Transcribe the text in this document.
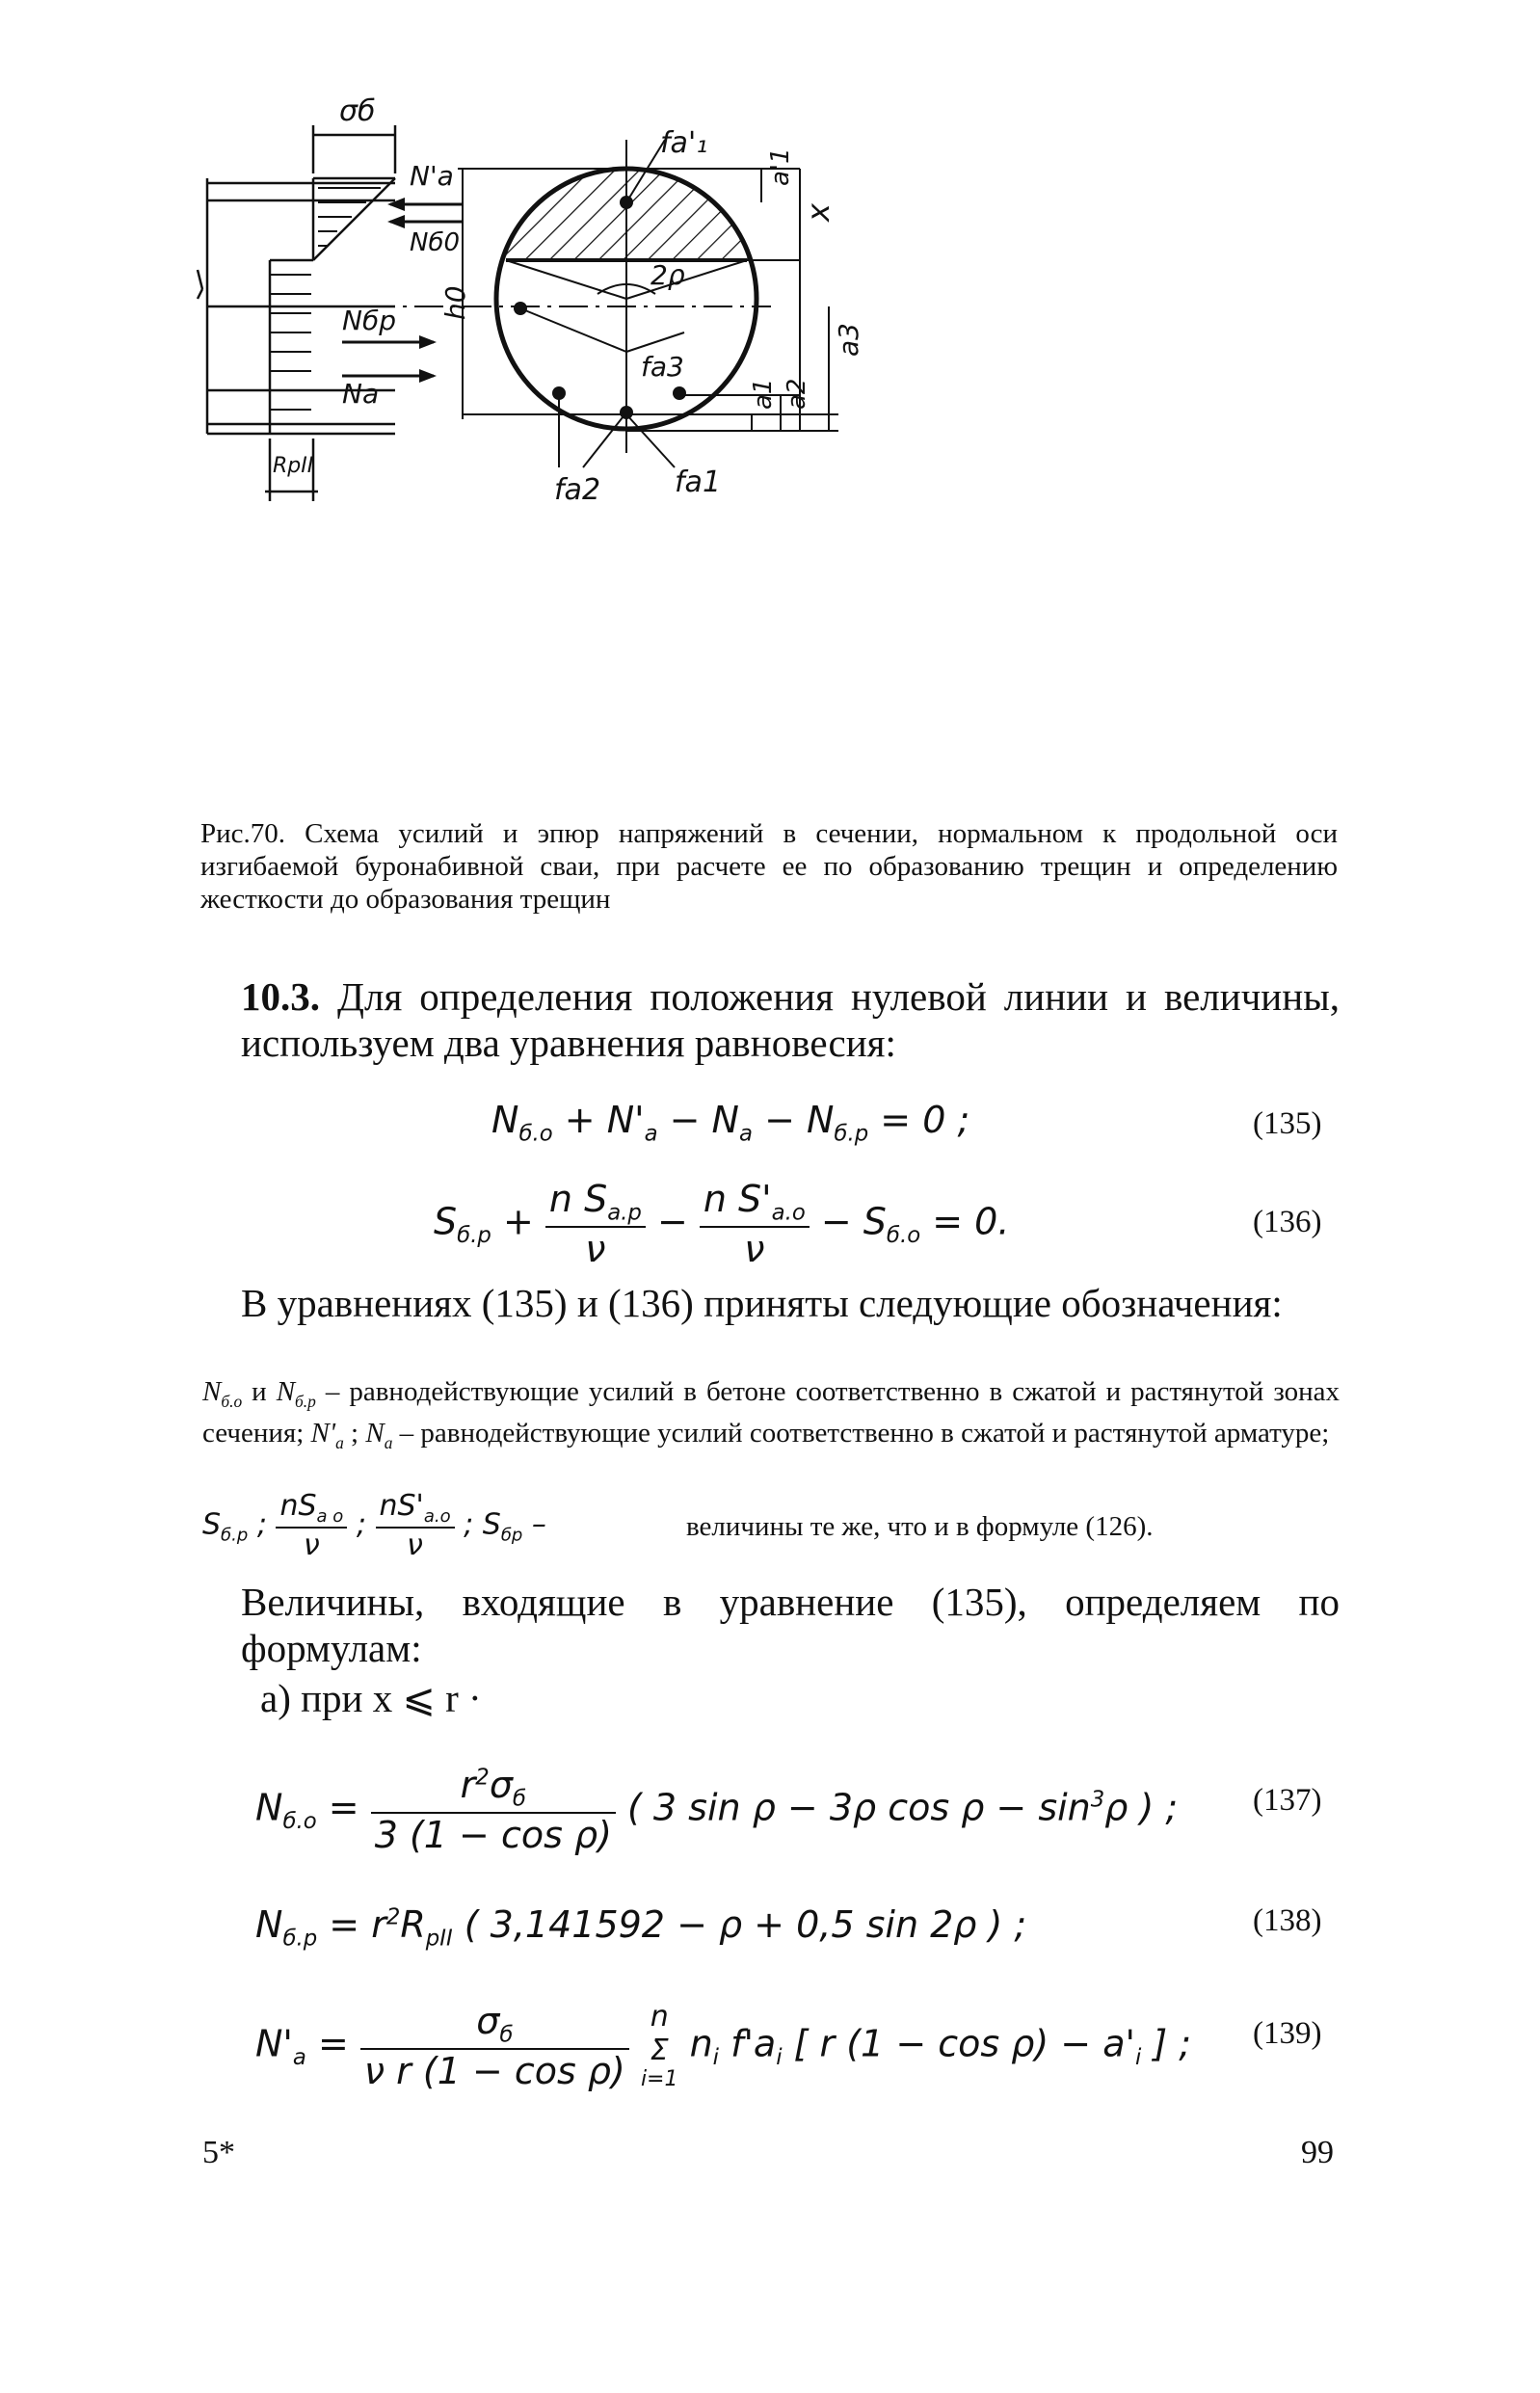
σб
fa'₁
N'a
Nб0
Nбр
Na
RрII
2ρ
h0
fa3
a'1
x
a3
a2
a1
fa2	fa1
Рис.70. Схема усилий и эпюр напряжений в сечении, нормальном к продольной оси изгибаемой буронабивной сваи, при расчете ее по образованию трещин и определению жесткости до образования трещин
10.3. Для определения положения нулевой линии и величины, используем два уравнения равновесия:
$N_{б.о} + N'_a - N_a - N_{б.р} = 0$ ;	(135)
$S_{б.р} + \frac{n S_{a.р}}{\nu} - \frac{n S'_{a.о}}{\nu} - S_{б.о} = 0$.	(136)
В уравнениях (135) и (136) приняты следующие обозначения:
$N_{б.о}$ и $N_{б.р}$ – равнодействующие усилий в бетоне соответственно в сжатой и растянутой зонах сечения; $N'_a$ ; $N_a$ – равнодействующие усилий соответственно в сжатой и растянутой арматуре;
$S_{б.р}$ ; $\frac{nS_{a o}}{\nu}$ ; $\frac{nS'_{a.o}}{\nu}$ ; $S_{бр}$ –	величины те же, что и в формуле (126).
Величины, входящие в уравнение (135), определяем по формулам:
а) при x ⩽ r ·
$N_{б.о} = \frac{r^2\sigma_б}{\text{3 (1 − cos ρ)}}$ ( 3 sin ρ − 3ρ $\cos \rho - \sin^3\rho$ ) ; (137)
$N_{б.р} = r^2R_{рII}$ ( 3,141592 − ρ + 0,5 sin 2ρ ) ;	(138)
$N'_a = \frac{\sigma_б}{\text{ν r (1 − cos ρ)}}$
n
Σ
i=1
$n_i$ $f'a_i$ [ r $(1 - \cos \rho) - a'_i$ ] ; (139)
5*	99
